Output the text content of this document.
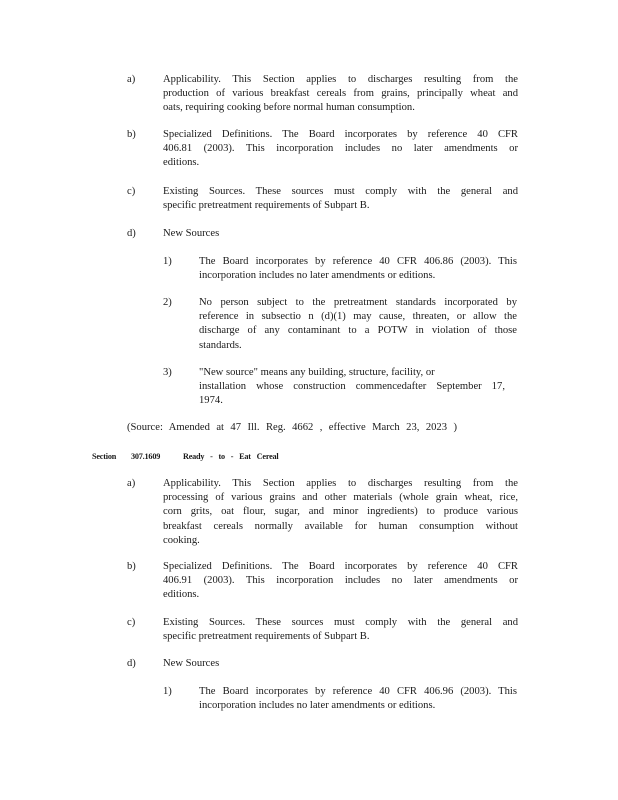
a)	Applicability. This Section applies to discharges resulting from the
production of various breakfast cereals from grains, principally wheat and
oats, requiring cooking before normal human consumption.
b)	Specialized Definitions. The Board incorporates by reference 40 CFR
406.81 (2003). This incorporation includes no later amendments or
editions.
c)	Existing Sources. These sources must comply with the general and
specific pretreatment requirements of Subpart B.
d)	New Sources
1)	The Board incorporates by reference 40 CFR 406.86 (2003). This
incorporation includes no later amendments or editions.
2)	No person subject to the pretreatment standards incorporated by
reference in subsectio n (d)(1) may cause, threaten, or allow the
discharge of any contaminant to a POTW in violation of those
standards.
3)	"New source" means any building, structure, facility, or
installation whose construction commencedafter September 17,
1974.
(Source: Amended at 47 Ill. Reg. 4662 , effective March 23, 2023 )
Section 307.1609	Ready - to - Eat Cereal
a)	Applicability. This Section applies to discharges resulting from the
processing of various grains and other materials (whole grain wheat, rice,
corn grits, oat flour, sugar, and minor ingredients) to produce various
breakfast cereals normally available for human consumption without
cooking.
b)	Specialized Definitions. The Board incorporates by reference 40 CFR
406.91 (2003). This incorporation includes no later amendments or
editions.
c)	Existing Sources. These sources must comply with the general and
specific pretreatment requirements of Subpart B.
d)	New Sources
1)	The Board incorporates by reference 40 CFR 406.96 (2003). This
incorporation includes no later amendments or editions.
